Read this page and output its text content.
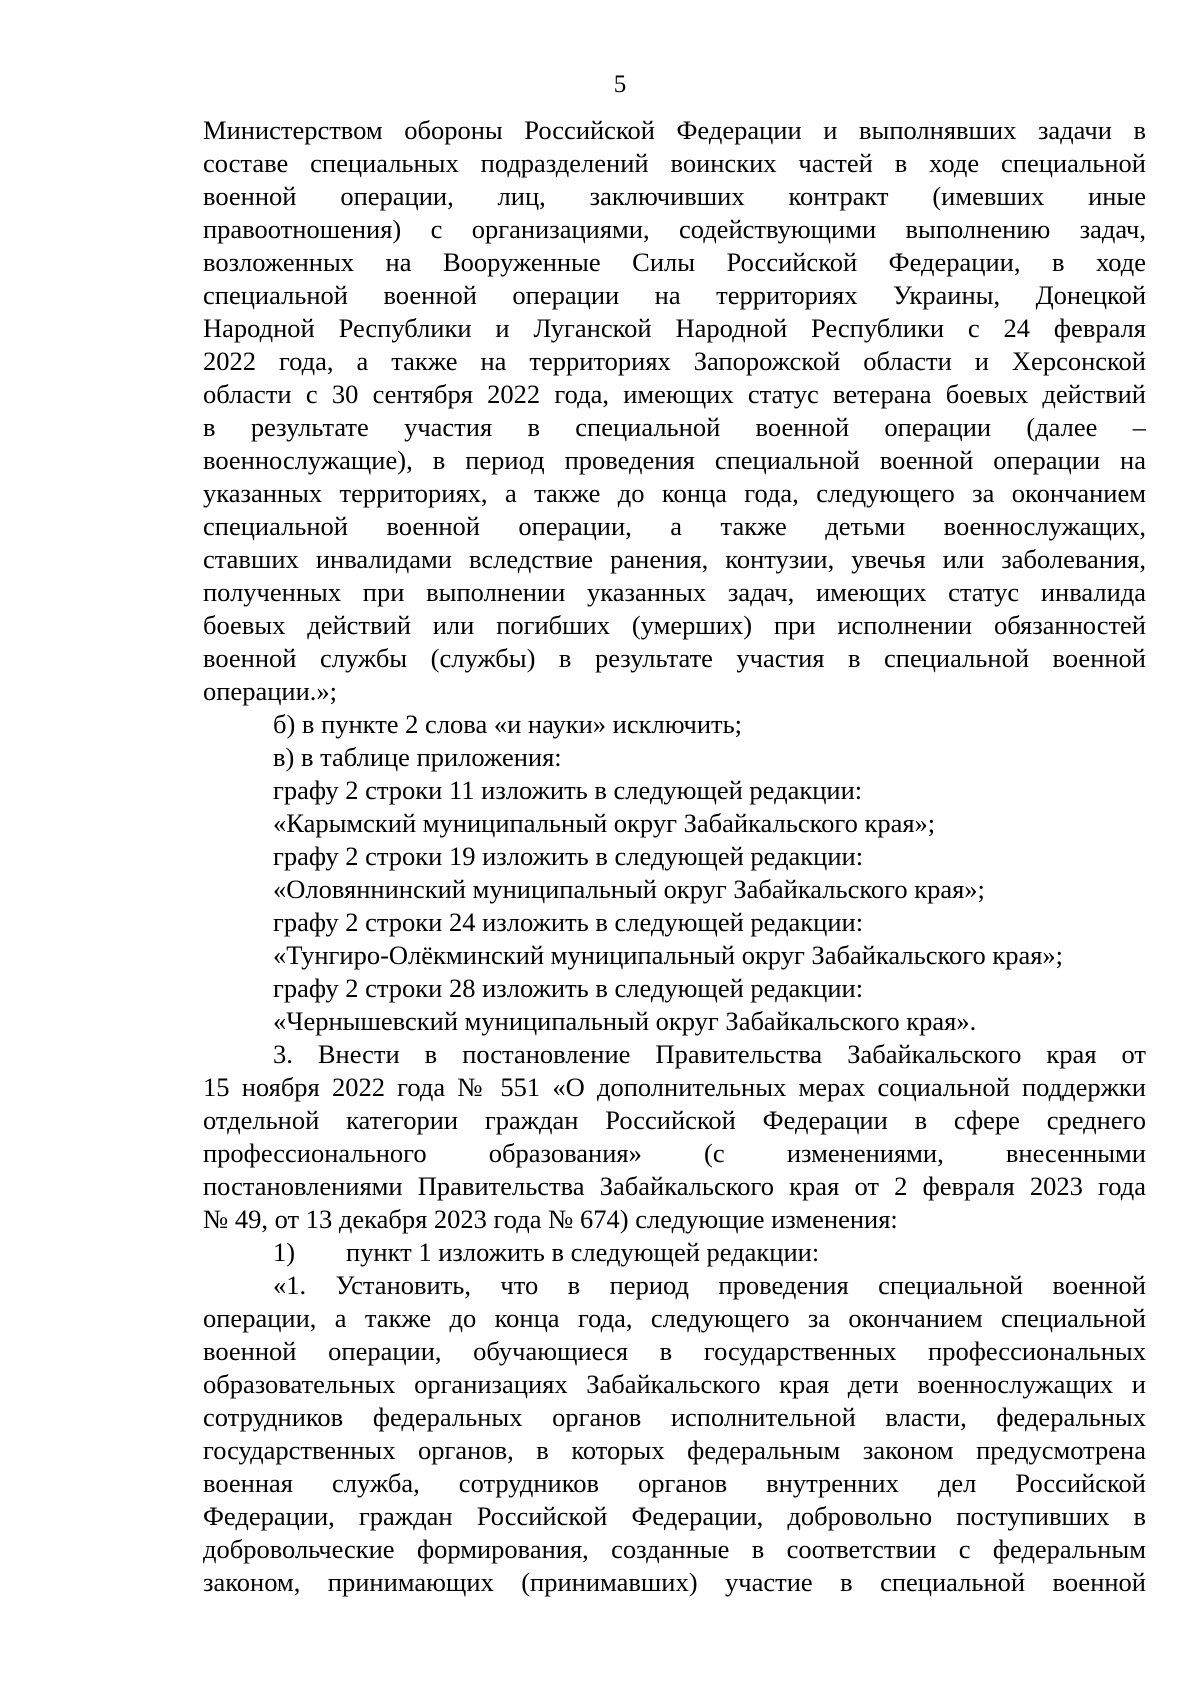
5
Министерством обороны Российской Федерации и выполнявших задачи в
составе специальных подразделений воинских частей в ходе специальной
военной операции, лиц, заключивших контракт (имевших иные
правоотношения) с организациями, содействующими выполнению задач,
возложенных на Вооруженные Силы Российской Федерации, в ходе
специальной военной операции на территориях Украины, Донецкой
Народной Республики и Луганской Народной Республики с 24 февраля
2022 года, а также на территориях Запорожской области и Херсонской
области с 30 сентября 2022 года, имеющих статус ветерана боевых действий
в результате участия в специальной военной операции (далее –
военнослужащие), в период проведения специальной военной операции на
указанных территориях, а также до конца года, следующего за окончанием
специальной военной операции, а также детьми военнослужащих,
ставших инвалидами вследствие ранения, контузии, увечья или заболевания,
полученных при выполнении указанных задач, имеющих статус инвалида
боевых действий или погибших (умерших) при исполнении обязанностей
военной службы (службы) в результате участия в специальной военной
операции.»;
б) в пункте 2 слова «и науки» исключить;
в) в таблице приложения:
графу 2 строки 11 изложить в следующей редакции:
«Карымский муниципальный округ Забайкальского края»;
графу 2 строки 19 изложить в следующей редакции:
«Оловяннинский муниципальный округ Забайкальского края»;
графу 2 строки 24 изложить в следующей редакции:
«Тунгиро-Олёкминский муниципальный округ Забайкальского края»;
графу 2 строки 28 изложить в следующей редакции:
«Чернышевский муниципальный округ Забайкальского края».
3. Внести в постановление Правительства Забайкальского края от
15 ноября 2022 года № 551 «О дополнительных мерах социальной поддержки
отдельной категории граждан Российской Федерации в сфере среднего
профессионального образования» (с изменениями, внесенными
постановлениями Правительства Забайкальского края от 2 февраля 2023 года
№ 49, от 13 декабря 2023 года № 674) следующие изменения:
1) пункт 1 изложить в следующей редакции:
«1. Установить, что в период проведения специальной военной
операции, а также до конца года, следующего за окончанием специальной
военной операции, обучающиеся в государственных профессиональных
образовательных организациях Забайкальского края дети военнослужащих и
сотрудников федеральных органов исполнительной власти, федеральных
государственных органов, в которых федеральным законом предусмотрена
военная служба, сотрудников органов внутренних дел Российской
Федерации, граждан Российской Федерации, добровольно поступивших в
добровольческие формирования, созданные в соответствии с федеральным
законом, принимающих (принимавших) участие в специальной военной
